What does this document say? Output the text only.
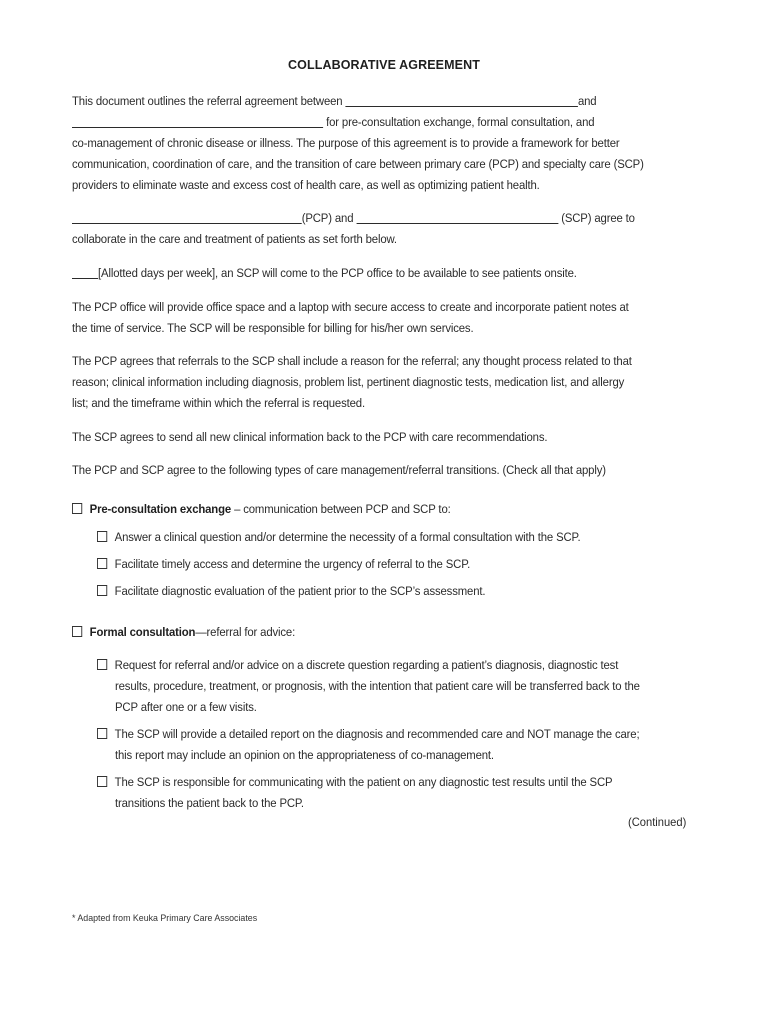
COLLABORATIVE AGREEMENT
This document outlines the referral agreement between	and
for pre-consultation exchange, formal consultation, and
co-management of chronic disease or illness. The purpose of this agreement is to provide a framework for better
communication, coordination of care, and the transition of care between primary care (PCP) and specialty care (SCP)
providers to eliminate waste and excess cost of health care, as well as optimizing patient health.
(PCP) and	(SCP) agree to
collaborate in the care and treatment of patients as set forth below.
[Allotted days per week], an SCP will come to the PCP office to be available to see patients onsite.
The PCP office will provide office space and a laptop with secure access to create and incorporate patient notes at
the time of service. The SCP will be responsible for billing for his/her own services.
The PCP agrees that referrals to the SCP shall include a reason for the referral; any thought process related to that
reason; clinical information including diagnosis, problem list, pertinent diagnostic tests, medication list, and allergy
list; and the timeframe within which the referral is requested.
The SCP agrees to send all new clinical information back to the PCP with care recommendations.
The PCP and SCP agree to the following types of care management/referral transitions. (Check all that apply)
Pre-consultation exchange – communication between PCP and SCP to:
Answer a clinical question and/or determine the necessity of a formal consultation with the SCP.
Facilitate timely access and determine the urgency of referral to the SCP.
Facilitate diagnostic evaluation of the patient prior to the SCP’s assessment.
Formal consultation—referral for advice:
Request for referral and/or advice on a discrete question regarding a patient’s diagnosis, diagnostic test
results, procedure, treatment, or prognosis, with the intention that patient care will be transferred back to the
PCP after one or a few visits.
The SCP will provide a detailed report on the diagnosis and recommended care and NOT manage the care;
this report may include an opinion on the appropriateness of co-management.
The SCP is responsible for communicating with the patient on any diagnostic test results until the SCP
transitions the patient back to the PCP.
(Continued)
* Adapted from Keuka Primary Care Associates
